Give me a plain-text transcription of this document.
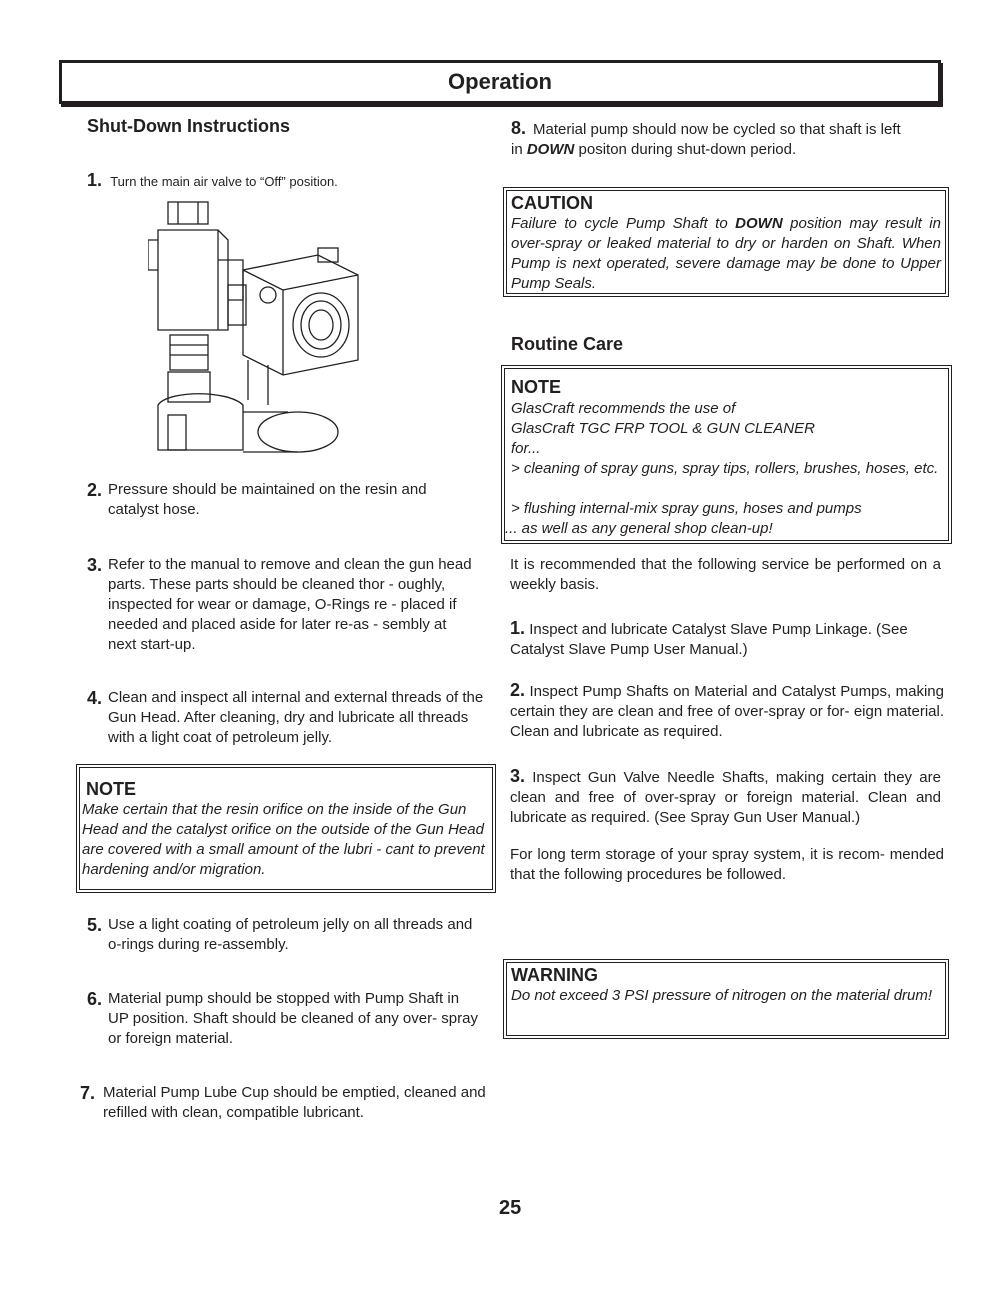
Operation
Shut-Down Instructions
1. Turn the main air valve to “Off” position.
2. Pressure should be maintained on the resin and catalyst hose.
3. Refer to the manual to remove and clean the gun head parts. These parts should be cleaned thor - oughly, inspected for wear or damage, O-Rings re - placed if needed and placed aside for later re-as - sembly at next start-up.
4. Clean and inspect all internal and external threads of the Gun Head. After cleaning, dry and lubricate all threads with a light coat of petroleum jelly.
NOTE
Make certain that the resin orifice on the inside of the Gun Head and the catalyst orifice on the outside of the Gun Head are covered with a small amount of the lubri - cant to prevent hardening and/or migration.
5. Use a light coating of petroleum jelly on all threads and o-rings during re-assembly.
6. Material pump should be stopped with Pump Shaft in UP position. Shaft should be cleaned of any over- spray or foreign material.
7. Material Pump Lube Cup should be emptied, cleaned and refilled with clean, compatible lubricant.
8. Material pump should now be cycled so that shaft is left in DOWN positon during shut-down period.
CAUTION
Failure to cycle Pump Shaft to DOWN position may result in over-spray or leaked material to dry or harden on Shaft. When Pump is next operated, severe damage may be done to Upper Pump Seals.
Routine Care
NOTE
GlasCraft recommends the use of
GlasCraft TGC FRP TOOL & GUN CLEANER
for...
> cleaning of spray guns, spray tips, rollers, brushes, hoses, etc.
> flushing internal-mix spray guns, hoses and pumps
... as well as any general shop clean-up!
It is recommended that the following service be performed on a weekly basis.
1. Inspect and lubricate Catalyst Slave Pump Linkage. (See Catalyst Slave Pump User Manual.)
2. Inspect Pump Shafts on Material and Catalyst Pumps, making certain they are clean and free of over-spray or for- eign material. Clean and lubricate as required.
3. Inspect Gun Valve Needle Shafts, making certain they are clean and free of over-spray or foreign material. Clean and lubricate as required. (See Spray Gun User Manual.)
For long term storage of your spray system, it is recom- mended that the following procedures be followed.
WARNING
Do not exceed 3 PSI pressure of nitrogen on the material drum!
25
